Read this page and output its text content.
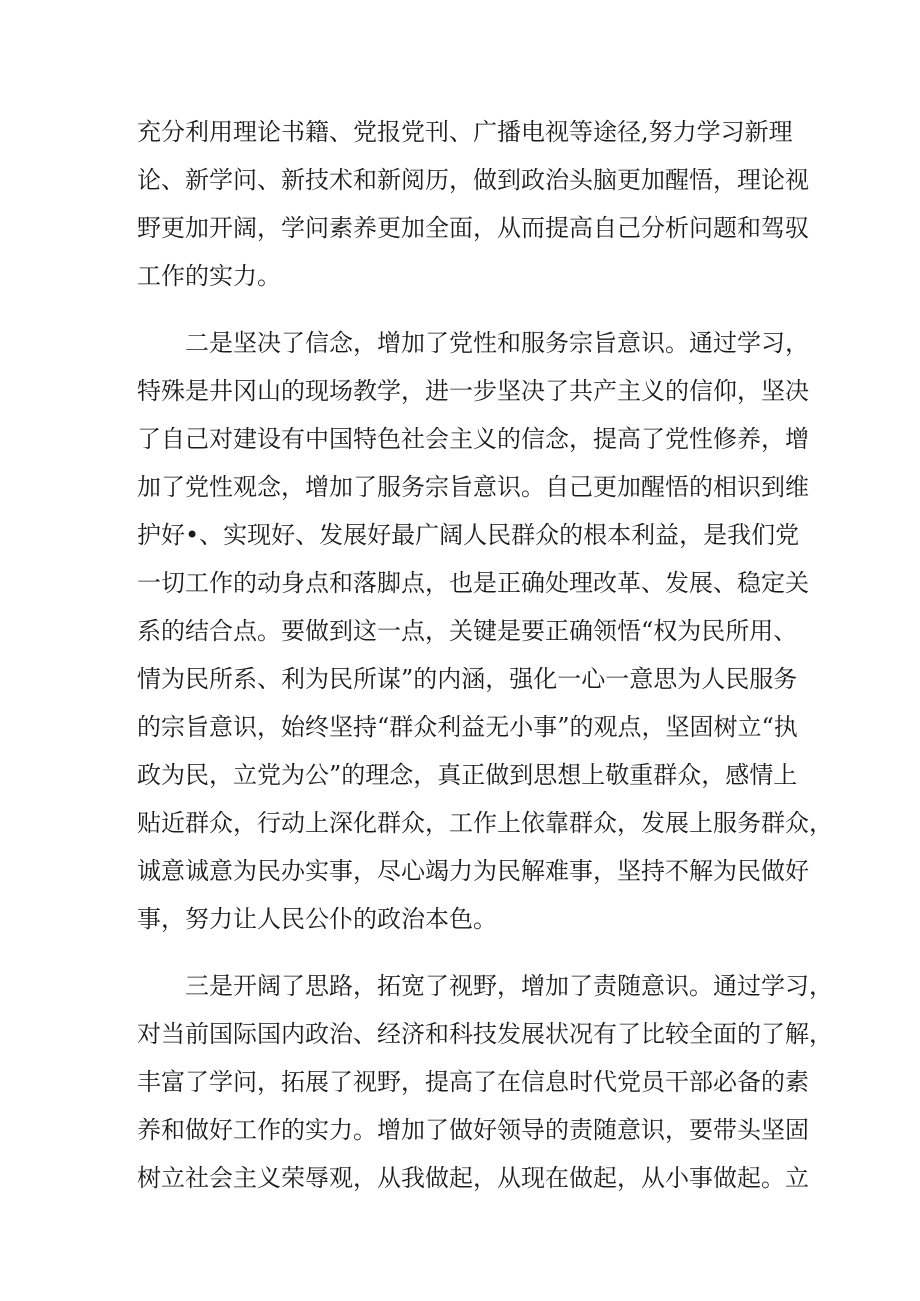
充分利用理论书籍、党报党刊、广播电视等途径,努力学习新理
论、新学问、新技术和新阅历，做到政治头脑更加醒悟，理论视
野更加开阔，学问素养更加全面，从而提高自己分析问题和驾驭
工作的实力。
二是坚决了信念，增加了党性和服务宗旨意识。通过学习，
特殊是井冈山的现场教学，进一步坚决了共产主义的信仰，坚决
了自己对建设有中国特色社会主义的信念，提高了党性修养，增
加了党性观念，增加了服务宗旨意识。自己更加醒悟的相识到维
护好•、实现好、发展好最广阔人民群众的根本利益，是我们党
一切工作的动身点和落脚点，也是正确处理改革、发展、稳定关
系的结合点。要做到这一点，关键是要正确领悟“权为民所用、
情为民所系、利为民所谋”的内涵，强化一心一意思为人民服务
的宗旨意识，始终坚持“群众利益无小事”的观点，坚固树立“执
政为民，立党为公”的理念，真正做到思想上敬重群众，感情上
贴近群众，行动上深化群众，工作上依靠群众，发展上服务群众，
诚意诚意为民办实事，尽心竭力为民解难事，坚持不解为民做好
事，努力让人民公仆的政治本色。
三是开阔了思路，拓宽了视野，增加了责随意识。通过学习，
对当前国际国内政治、经济和科技发展状况有了比较全面的了解，
丰富了学问，拓展了视野，提高了在信息时代党员干部必备的素
养和做好工作的实力。增加了做好领导的责随意识，要带头坚固
树立社会主义荣辱观，从我做起，从现在做起，从小事做起。立
